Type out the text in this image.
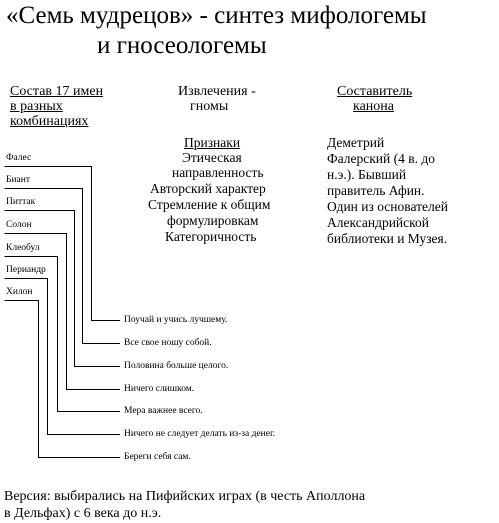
«Семь мудрецов» - синтез мифологемы
и гносеологемы
Состав 17 имен
в разных
комбинациях
Извлечения -
гномы
Составитель
канона
Признаки
Этическая
направленность
Авторский характер
Стремление к общим
формулировкам
Категоричность
Деметрий
Фалерский (4 в. до
н.э.). Бывший
правитель Афин.
Один из основателей
Александрийской
библиотеки и Музея.
Фалес
Биант
Питтак
Солон
Клеобул
Периандр
Хилон
Поучай и учись лучшему.
Все свое ношу собой.
Половина больше целого.
Ничего слишком.
Мера важнее всего.
Ничего не следует делать из-за денег.
Береги себя сам.
Версия: выбирались на Пифийских играх (в честь Аполлона
в Дельфах) с 6 века до н.э.
